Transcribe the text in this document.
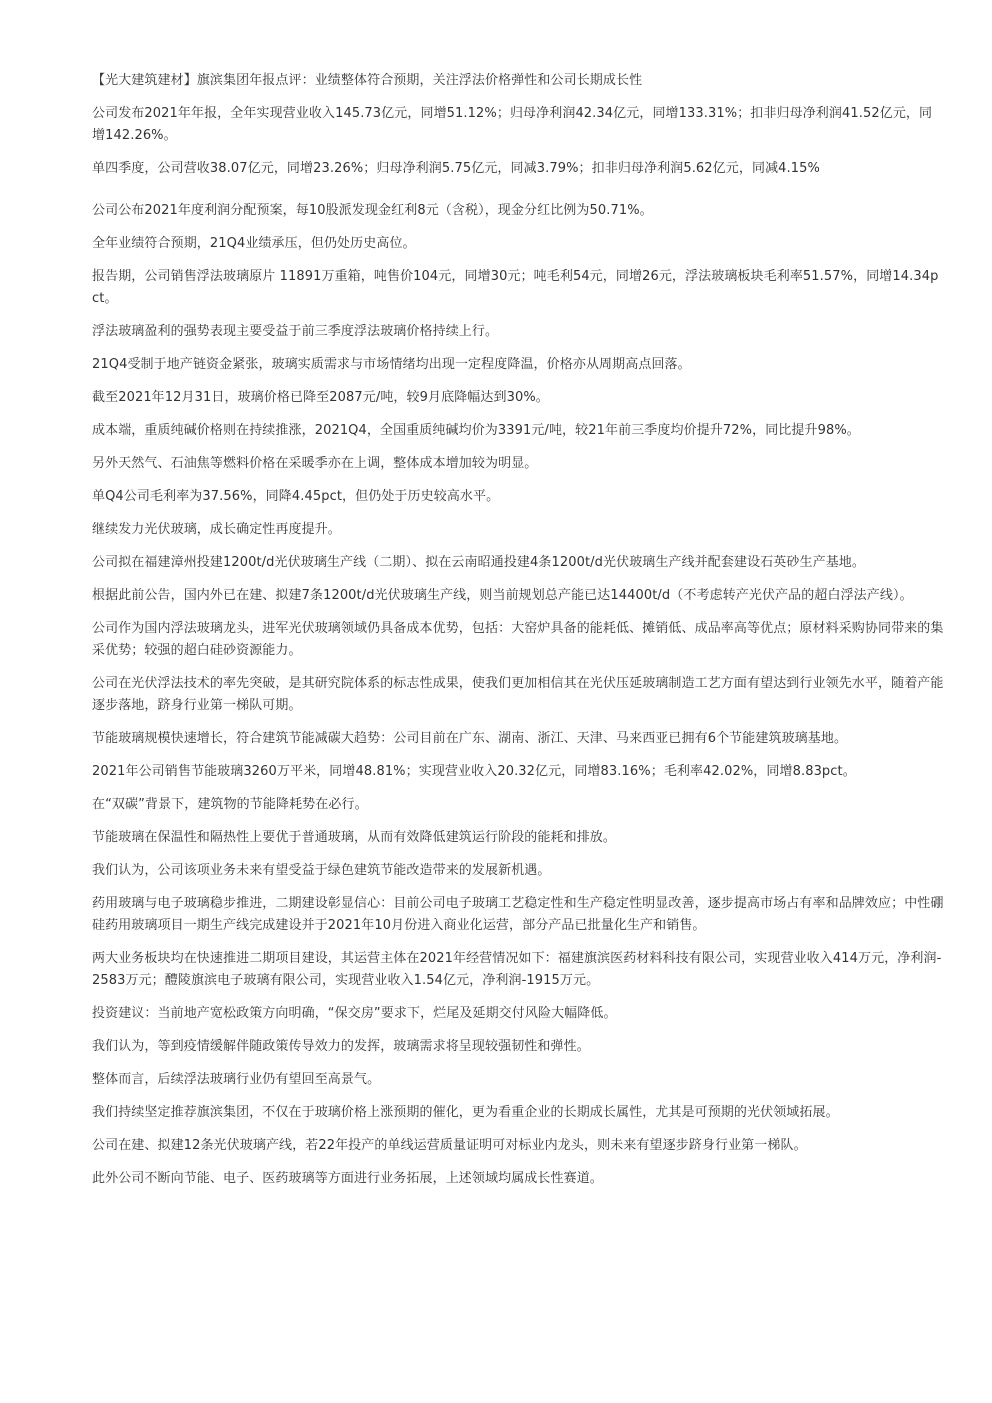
【光大建筑建材】旗滨集团年报点评：业绩整体符合预期，关注浮法价格弹性和公司长期成长性

公司发布2021年年报，全年实现营业收入145.73亿元，同增51.12%；归母净利润42.34亿元，同增133.31%；扣非归母净利润41.52亿元，同增142.26%。

单四季度，公司营收38.07亿元，同增23.26%；归母净利润5.75亿元，同减3.79%；扣非归母净利润5.62亿元，同减4.15%

公司公布2021年度利润分配预案，每10股派发现金红利8元（含税），现金分红比例为50.71%。

全年业绩符合预期，21Q4业绩承压，但仍处历史高位。

报告期，公司销售浮法玻璃原片 11891万重箱，吨售价104元，同增30元；吨毛利54元，同增26元，浮法玻璃板块毛利率51.57%，同增14.34pct。

浮法玻璃盈利的强势表现主要受益于前三季度浮法玻璃价格持续上行。

21Q4受制于地产链资金紧张，玻璃实质需求与市场情绪均出现一定程度降温，价格亦从周期高点回落。

截至2021年12月31日，玻璃价格已降至2087元/吨，较9月底降幅达到30%。

成本端，重质纯碱价格则在持续推涨，2021Q4，全国重质纯碱均价为3391元/吨，较21年前三季度均价提升72%，同比提升98%。

另外天然气、石油焦等燃料价格在采暖季亦在上调，整体成本增加较为明显。

单Q4公司毛利率为37.56%，同降4.45pct，但仍处于历史较高水平。

继续发力光伏玻璃，成长确定性再度提升。

公司拟在福建漳州投建1200t/d光伏玻璃生产线（二期）、拟在云南昭通投建4条1200t/d光伏玻璃生产线并配套建设石英砂生产基地。

根据此前公告，国内外已在建、拟建7条1200t/d光伏玻璃生产线，则当前规划总产能已达14400t/d（不考虑转产光伏产品的超白浮法产线）。

公司作为国内浮法玻璃龙头，进军光伏玻璃领域仍具备成本优势，包括：大窑炉具备的能耗低、摊销低、成品率高等优点；原材料采购协同带来的集采优势；较强的超白硅砂资源能力。

公司在光伏浮法技术的率先突破，是其研究院体系的标志性成果，使我们更加相信其在光伏压延玻璃制造工艺方面有望达到行业领先水平，随着产能逐步落地，跻身行业第一梯队可期。

节能玻璃规模快速增长，符合建筑节能减碳大趋势：公司目前在广东、湖南、浙江、天津、马来西亚已拥有6个节能建筑玻璃基地。

2021年公司销售节能玻璃3260万平米，同增48.81%；实现营业收入20.32亿元，同增83.16%；毛利率42.02%，同增8.83pct。

在“双碳”背景下，建筑物的节能降耗势在必行。

节能玻璃在保温性和隔热性上要优于普通玻璃，从而有效降低建筑运行阶段的能耗和排放。

我们认为，公司该项业务未来有望受益于绿色建筑节能改造带来的发展新机遇。

药用玻璃与电子玻璃稳步推进，二期建设彰显信心：目前公司电子玻璃工艺稳定性和生产稳定性明显改善，逐步提高市场占有率和品牌效应；中性硼硅药用玻璃项目一期生产线完成建设并于2021年10月份进入商业化运营，部分产品已批量化生产和销售。

两大业务板块均在快速推进二期项目建设，其运营主体在2021年经营情况如下：福建旗滨医药材料科技有限公司，实现营业收入414万元，净利润-2583万元；醴陵旗滨电子玻璃有限公司，实现营业收入1.54亿元，净利润-1915万元。

投资建议：当前地产宽松政策方向明确，“保交房”要求下，烂尾及延期交付风险大幅降低。

我们认为，等到疫情缓解伴随政策传导效力的发挥，玻璃需求将呈现较强韧性和弹性。

整体而言，后续浮法玻璃行业仍有望回至高景气。

我们持续坚定推荐旗滨集团，不仅在于玻璃价格上涨预期的催化，更为看重企业的长期成长属性，尤其是可预期的光伏领域拓展。

公司在建、拟建12条光伏玻璃产线，若22年投产的单线运营质量证明可对标业内龙头，则未来有望逐步跻身行业第一梯队。

此外公司不断向节能、电子、医药玻璃等方面进行业务拓展，上述领域均属成长性赛道。
